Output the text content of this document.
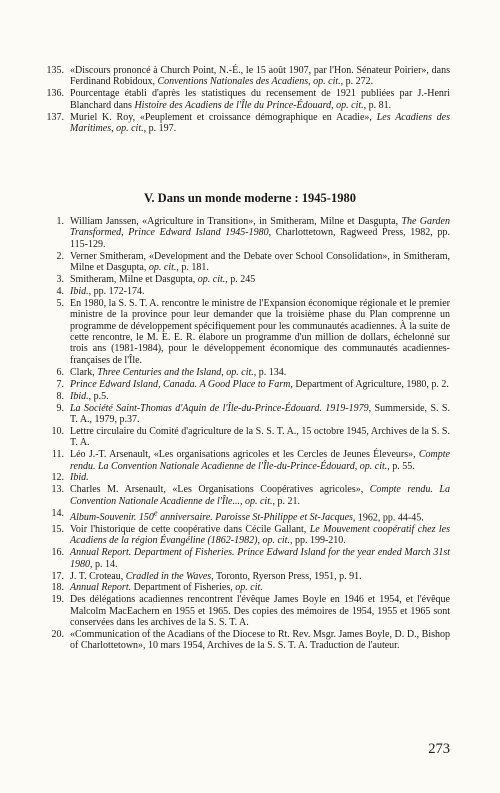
135. «Discours prononcé à Church Point, N.-É., le 15 août 1907, par l'Hon. Sénateur Poirier», dans Ferdinand Robidoux, Conventions Nationales des Acadiens, op. cit., p. 272.
136. Pourcentage établi d'après les statistiques du recensement de 1921 publiées par J.-Henri Blanchard dans Histoire des Acadiens de l'Île du Prince-Édouard, op. cit., p. 81.
137. Muriel K. Roy, «Peuplement et croissance démographique en Acadie», Les Acadiens des Maritimes, op. cit., p. 197.
V. Dans un monde moderne : 1945-1980
1. William Janssen, «Agriculture in Transition», in Smitheram, Milne et Dasgupta, The Garden Transformed, Prince Edward Island 1945-1980, Charlottetown, Ragweed Press, 1982, pp. 115-129.
2. Verner Smitheram, «Development and the Debate over School Consolidation», in Smitheram, Milne et Dasgupta, op. cit., p. 181.
3. Smitheram, Milne et Dasgupta, op. cit., p. 245
4. Ibid., pp. 172-174.
5. En 1980, la S. S. T. A. rencontre le ministre de l'Expansion économique régionale et le premier ministre de la province pour leur demander que la troisième phase du Plan comprenne un programme de développement spécifiquement pour les communautés acadiennes. À la suite de cette rencontre, le M. E. E. R. élabore un programme d'un million de dollars, échelonné sur trois ans (1981-1984), pour le développement économique des communautés acadiennes-françaises de l'Île.
6. Clark, Three Centuries and the Island, op. cit., p. 134.
7. Prince Edward Island, Canada. A Good Place to Farm, Department of Agriculture, 1980, p. 2.
8. Ibid., p.5.
9. La Société Saint-Thomas d'Aquin de l'Île-du-Prince-Édouard. 1919-1979, Summerside, S. S. T. A., 1979, p.37.
10. Lettre circulaire du Comité d'agriculture de la S. S. T. A., 15 octobre 1945, Archives de la S. S. T. A.
11. Léo J.-T. Arsenault, «Les organisations agricoles et les Cercles de Jeunes Éleveurs», Compte rendu. La Convention Nationale Acadienne de l'Île-du-Prince-Édouard, op. cit., p. 55.
12. Ibid.
13. Charles M. Arsenault, «Les Organisations Coopératives agricoles», Compte rendu. La Convention Nationale Acadienne de l'Île..., op. cit., p. 21.
14. Album-Souvenir. 150e anniversaire. Paroisse St-Philippe et St-Jacques, 1962, pp. 44-45.
15. Voir l'historique de cette coopérative dans Cécile Gallant, Le Mouvement coopératif chez les Acadiens de la région Évangéline (1862-1982), op. cit., pp. 199-210.
16. Annual Report. Department of Fisheries. Prince Edward Island for the year ended March 31st 1980, p. 14.
17. J. T. Croteau, Cradled in the Waves, Toronto, Ryerson Press, 1951, p. 91.
18. Annual Report. Department of Fisheries, op. cit.
19. Des délégations acadiennes rencontrent l'évêque James Boyle en 1946 et 1954, et l'évêque Malcolm MacEachern en 1955 et 1965. Des copies des mémoires de 1954, 1955 et 1965 sont conservées dans les archives de la S. S. T. A.
20. «Communication of the Acadians of the Diocese to Rt. Rev. Msgr. James Boyle, D. D., Bishop of Charlottetown», 10 mars 1954, Archives de la S. S. T. A. Traduction de l'auteur.
273
